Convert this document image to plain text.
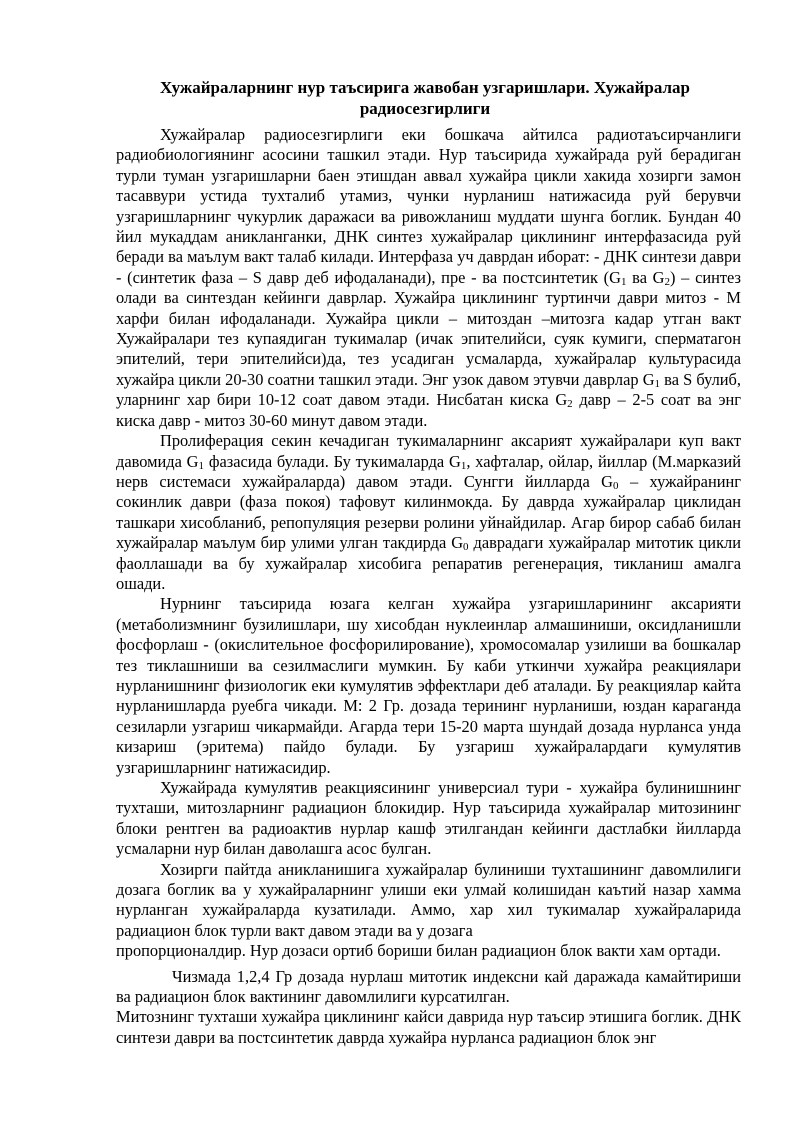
Хужайраларнинг нур таъсирига жавобан узгаришлари. Хужайралар радиосезгирлиги

Хужайралар радиосезгирлиги еки бошкача айтилса радиотаъсирчанлиги радиобиологиянинг асосини ташкил этади. Нур таъсирида хужайрада руй берадиган турли туман узгаришларни баен этишдан аввал хужайра цикли хакида хозирги замон тасаввури устида тухталиб утамиз, чунки нурланиш натижасида руй берувчи узгаришларнинг чукурлик даражаси ва ривожланиш муддати шунга боглик. Бундан 40 йил мукаддам аникланганки, ДНК синтез хужайралар циклининг интерфазасида руй беради ва маълум вакт талаб килади. Интерфаза уч даврдан иборат: - ДНК синтези даври - (синтетик фаза – S давр деб ифодаланади), пре - ва постсинтетик ($G_1$ ва $G_2$) – синтез олади ва синтездан кейинги даврлар. Хужайра циклининг туртинчи даври митоз - М харфи билан ифодаланади. Хужайра цикли – митоздан –митозга кадар утган вакт Хужайралари тез купаядиган тукималар (ичак эпителийси, суяк кумиги, сперматагон эпителий, тери эпителийси)да, тез усадиган усмаларда, хужайралар культурасида хужайра цикли 20-30 соатни ташкил этади. Энг узок давом этувчи даврлар $G_1$ ва S булиб, уларнинг хар бири 10-12 соат давом этади. Нисбатан киска $G_2$ давр – 2-5 соат ва энг киска давр - митоз 30-60 минут давом этади.

Пролиферация секин кечадиган тукималарнинг аксарият хужайралари куп вакт давомида $G_1$ фазасида булади. Бу тукималарда $G_1$, хафталар, ойлар, йиллар (М.марказий нерв системаси хужайраларда) давом этади. Сунгги йилларда $G_0$ – хужайранинг сокинлик даври (фаза покоя) тафовут килинмокда. Бу даврда хужайралар циклидан ташкари хисобланиб, репопуляция резерви ролини уйнайдилар. Агар бирор сабаб билан хужайралар маълум бир улими улган такдирда $G_0$ даврадаги хужайралар митотик цикли фаоллашади ва бу хужайралар хисобига репаратив регенерация, тикланиш амалга ошади.

Нурнинг таъсирида юзага келган хужайра узгаришларининг аксарияти (метаболизмнинг бузилишлари, шу хисобдан нуклеинлар алмашиниши, оксидланишли фосфорлаш - (окислительное фосфорилирование), хромосомалар узилиши ва бошкалар тез тиклашниши ва сезилмаслиги мумкин. Бу каби уткинчи хужайра реакциялари нурланишнинг физиологик еки кумулятив эффектлари деб аталади. Бу реакциялар кайта нурланишларда руебга чикади. М: 2 Гр. дозада терининг нурланиши, юздан караганда сезиларли узгариш чикармайди. Агарда тери 15-20 марта шундай дозада нурланса унда кизариш (эритема) пайдо булади. Бу узгариш хужайралардаги кумулятив узгаришларнинг натижасидир.

Хужайрада кумулятив реакциясининг универсиал тури - хужайра булинишнинг тухташи, митозларнинг радиацион блокидир. Нур таъсирида хужайралар митозининг блоки рентген ва радиоактив нурлар кашф этилгандан кейинги дастлабки йилларда усмаларни нур билан даволашга асос булган.

Хозирги пайтда аникланишига хужайралар булиниши тухташининг давомлилиги дозага боглик ва у хужайраларнинг улиши еки улмай колишидан каътий назар хамма нурланган хужайраларда кузатилади. Аммо, хар хил тукималар хужайраларида радиацион блок турли вакт давом этади ва у дозага

пропорционалдир. Нур дозаси ортиб бориши билан радиацион блок вакти хам ортади.

Чизмада 1,2,4 Гр дозада нурлаш митотик индексни кай даражада камайтириши ва радиацион блок вактининг давомлилиги курсатилган.

Митознинг тухташи хужайра циклининг кайси даврида нур таъсир этишига боглик. ДНК синтези даври ва постсинтетик даврда хужайра нурланса радиацион блок энг
